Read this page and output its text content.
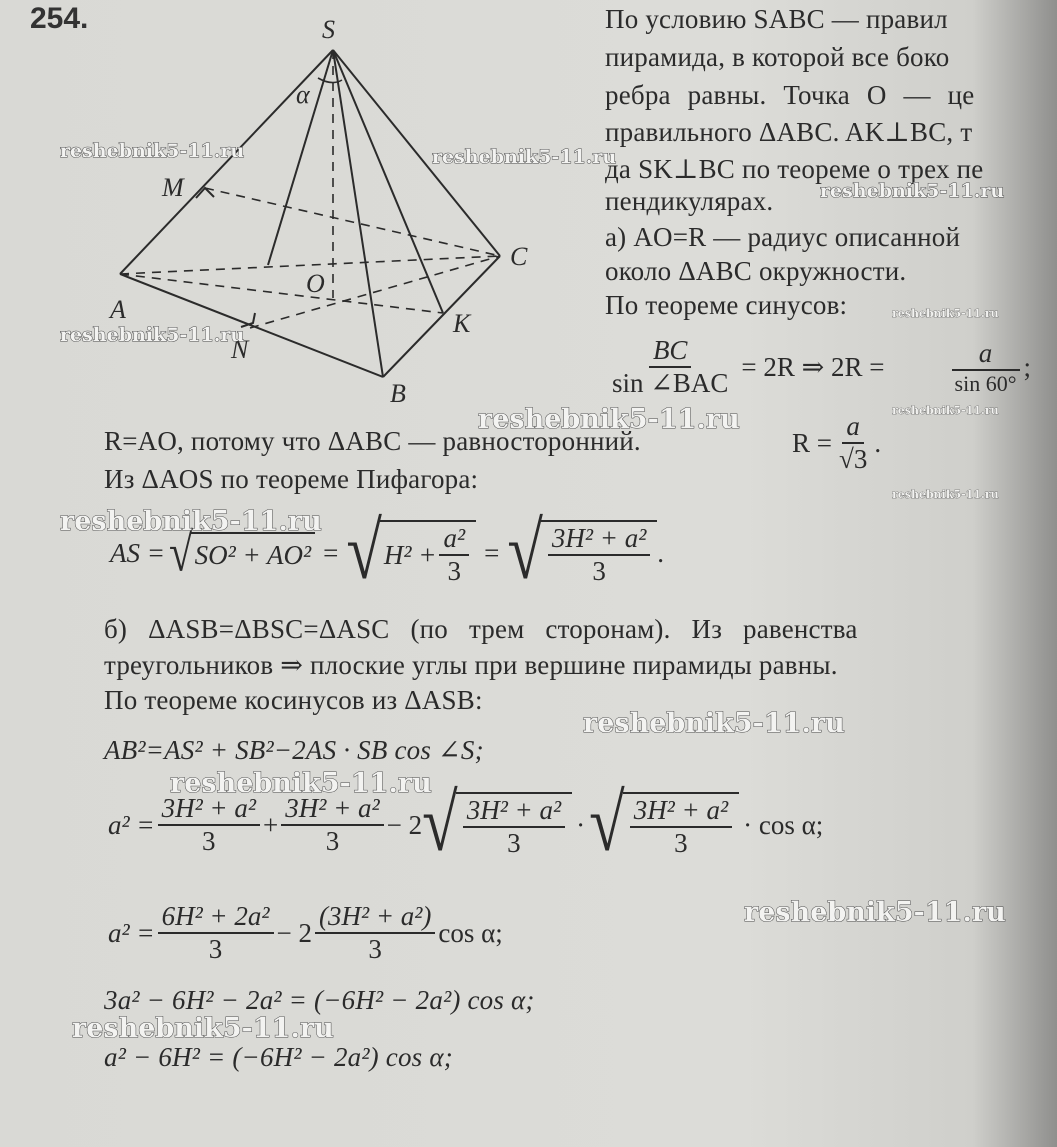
254.	S
A
B
C
M
N
O
K
α
По условию SABC — правил
пирамида, в которой все боко
ребра равны. Точка O — це
правильного ΔABC. AK⊥BC, т
да SK⊥BC по теореме о трех пе
пендикулярах.
а) AO=R — радиус описанной
около ΔABC окружности.
По теореме синусов:
$\frac{BC}{\text{sin ∠BAC}} = 2R$ ⇒ $2R = \frac{a}{\sin 60^\circ}$ ;
R=AO, потому что ΔABC — равносторонний.	$R = \frac{a}{√3}$ .
Из ΔAOS по теореме Пифагора:
AS = √ SO² + AO² = √ $H^2 + \frac{\text{a²}}{3}$ = √ $\frac{\text{3H² + a²}}{3}$ .
б) ΔASB=ΔBSC=ΔASC (по трем сторонам). Из равенства
треугольников ⇒ плоские углы при вершине пирамиды равны.
По теореме косинусов из ΔASB:
AB²=AS² + SB²−2AS · SB cos ∠S;
$a^2 = \frac{\text{3H² + a²}}{3} + \frac{\text{3H² + a²}}{3} - 2$ √ $\frac{\text{3H² + a²}}{3}$ · √ $\frac{\text{3H² + a²}}{3} \cdot \cos \alpha$;
$a^2 = \frac{\text{6H² + 2a²}}{3} - 2 \frac{\text{(3H² + a²)}}{3}$ cos α;
3a² − 6H² − 2a² = (−6H² − 2a²) cos α;
a² − 6H² = (−6H² − 2a²) cos α;
reshebnik5-11.ru	reshebnik5-11.ru
reshebnik5-11.ru
reshebnik5-11.ru
reshebnik5-11.ru
reshebnik5-11.ru
reshebnik5-11.ru
reshebnik5-11.ru
reshebnik5-11.ru
reshebnik5-11.ru
reshebnik5-11.ru
reshebnik5-11.ru
reshebnik5-11.ru
